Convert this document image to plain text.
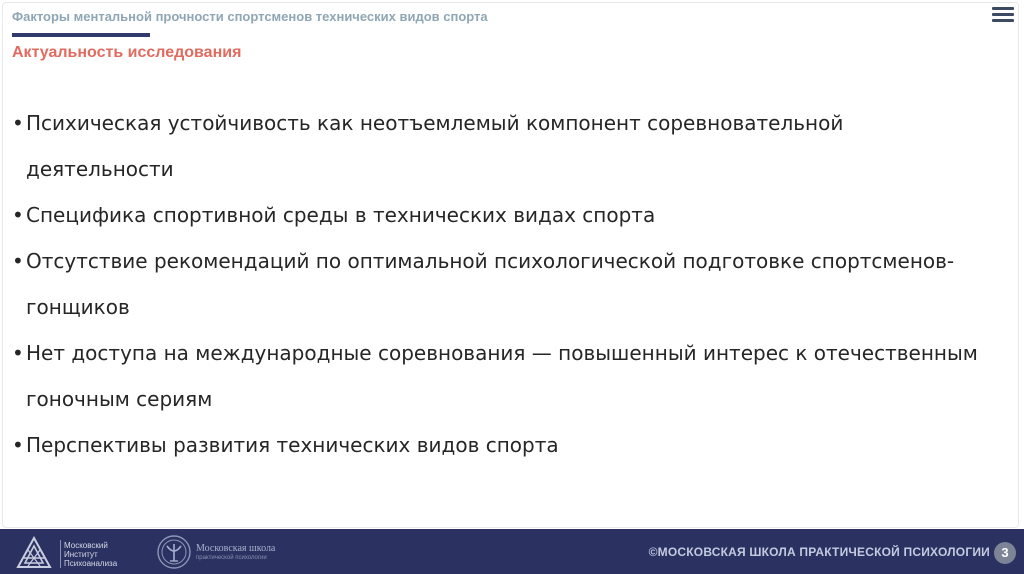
Факторы ментальной прочности спортсменов технических видов спорта
Актуальность исследования
• Психическая устойчивость как неотъемлемый компонент соревновательной
деятельности
• Специфика спортивной среды в технических видах спорта
• Отсутствие рекомендаций по оптимальной психологической подготовке спортсменов-
гонщиков
• Нет доступа на международные соревнования — повышенный интерес к отечественным
гоночным сериям
• Перспективы развития технических видов спорта
Московский
Институт
Психоанализа
Московская школа
практической психологии	©МОСКОВСКАЯ ШКОЛА ПРАКТИЧЕСКОЙ ПСИХОЛОГИИ 3
